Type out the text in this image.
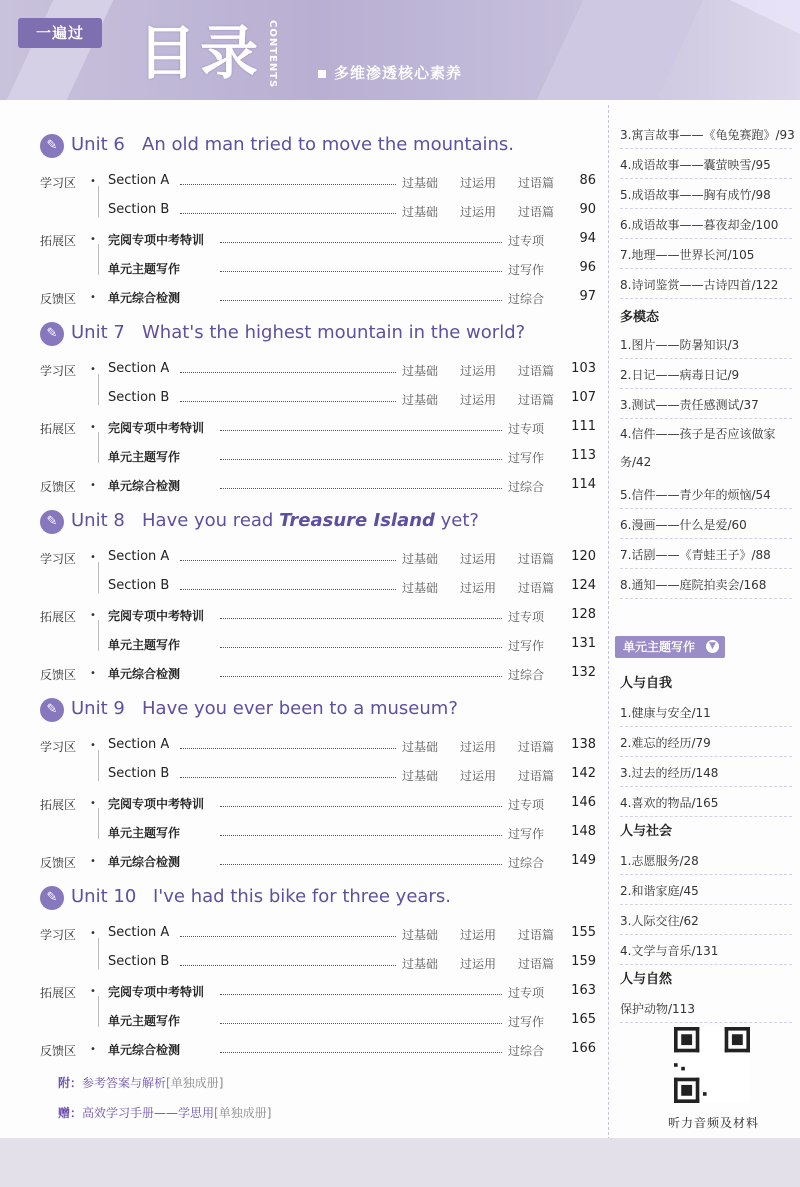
一遍过 目录 CONTENTS	多维渗透核心素养
✎ Unit 6 An old man tried to move the mountains.
学习区 • Section A	过基础 过运用 过语篇	86
Section B	过基础 过运用 过语篇	90
拓展区 • 完阅专项中考特训	过专项	94
单元主题写作	过写作	96
反馈区 • 单元综合检测	过综合	97
✎ Unit 7 What's the highest mountain in the world?
学习区 • Section A	过基础 过运用 过语篇	103
Section B	过基础 过运用 过语篇	107
拓展区 • 完阅专项中考特训	过专项	111
单元主题写作	过写作	113
反馈区 • 单元综合检测	过综合	114
✎ Unit 8 Have you read Treasure Island yet?
学习区 • Section A	过基础 过运用 过语篇	120
Section B	过基础 过运用 过语篇	124
拓展区 • 完阅专项中考特训	过专项	128
单元主题写作	过写作	131
反馈区 • 单元综合检测	过综合	132
✎ Unit 9 Have you ever been to a museum?
学习区 • Section A	过基础 过运用 过语篇	138
Section B	过基础 过运用 过语篇	142
拓展区 • 完阅专项中考特训	过专项	146
单元主题写作	过写作	148
反馈区 • 单元综合检测	过综合	149
✎ Unit 10 I've had this bike for three years.
学习区 • Section A	过基础 过运用 过语篇	155
Section B	过基础 过运用 过语篇	159
拓展区 • 完阅专项中考特训	过专项	163
单元主题写作	过写作	165
反馈区 • 单元综合检测	过综合	166
附：参考答案与解析[单独成册]
赠：高效学习手册——学思用[单独成册]
3.寓言故事——《龟兔赛跑》/93
4.成语故事——囊萤映雪/95
5.成语故事——胸有成竹/98
6.成语故事——暮夜却金/100
7.地理——世界长河/105
8.诗词鉴赏——古诗四首/122
多模态
1.图片——防暑知识/3
2.日记——病毒日记/9
3.测试——责任感测试/37
4.信件——孩子是否应该做家务/42
5.信件——青少年的烦恼/54
6.漫画——什么是爱/60
7.话剧——《青蛙王子》/88
8.通知——庭院拍卖会/168
人与自我
1.健康与安全/11
2.难忘的经历/79
3.过去的经历/148
4.喜欢的物品/165
人与社会
1.志愿服务/28
2.和谐家庭/45
3.人际交往/62
4.文学与音乐/131
人与自然
保护动物/113
单元主题写作	▼
听力音频及材料
